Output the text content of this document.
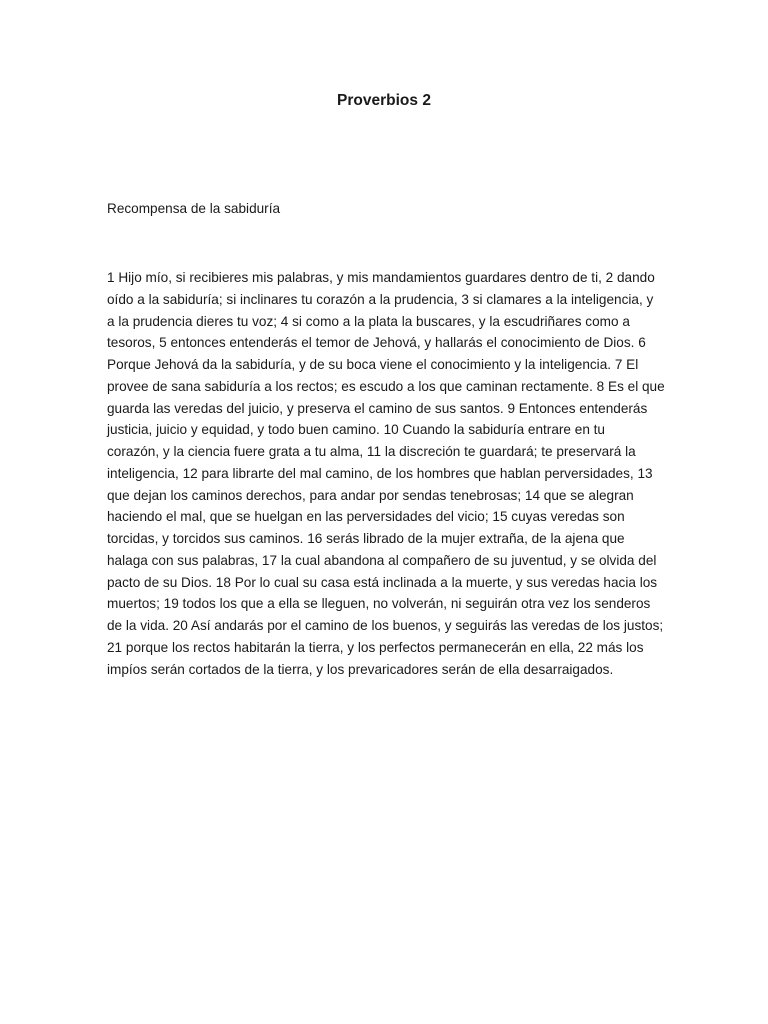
Proverbios 2

Recompensa de la sabiduría

1 Hijo mío, si recibieres mis palabras, y mis mandamientos guardares dentro de ti, 2 dando
oído a la sabiduría; si inclinares tu corazón a la prudencia, 3 si clamares a la inteligencia, y
a la prudencia dieres tu voz; 4 si como a la plata la buscares, y la escudriñares como a
tesoros, 5 entonces entenderás el temor de Jehová, y hallarás el conocimiento de Dios. 6
Porque Jehová da la sabiduría, y de su boca viene el conocimiento y la inteligencia. 7 El
provee de sana sabiduría a los rectos; es escudo a los que caminan rectamente. 8 Es el que
guarda las veredas del juicio, y preserva el camino de sus santos. 9 Entonces entenderás
justicia, juicio y equidad, y todo buen camino. 10 Cuando la sabiduría entrare en tu
corazón, y la ciencia fuere grata a tu alma, 11 la discreción te guardará; te preservará la
inteligencia, 12 para librarte del mal camino, de los hombres que hablan perversidades, 13
que dejan los caminos derechos, para andar por sendas tenebrosas; 14 que se alegran
haciendo el mal, que se huelgan en las perversidades del vicio; 15 cuyas veredas son
torcidas, y torcidos sus caminos. 16 serás librado de la mujer extraña, de la ajena que
halaga con sus palabras, 17 la cual abandona al compañero de su juventud, y se olvida del
pacto de su Dios. 18 Por lo cual su casa está inclinada a la muerte, y sus veredas hacia los
muertos; 19 todos los que a ella se lleguen, no volverán, ni seguirán otra vez los senderos
de la vida. 20 Así andarás por el camino de los buenos, y seguirás las veredas de los justos;
21 porque los rectos habitarán la tierra, y los perfectos permanecerán en ella, 22 más los
impíos serán cortados de la tierra, y los prevaricadores serán de ella desarraigados.
